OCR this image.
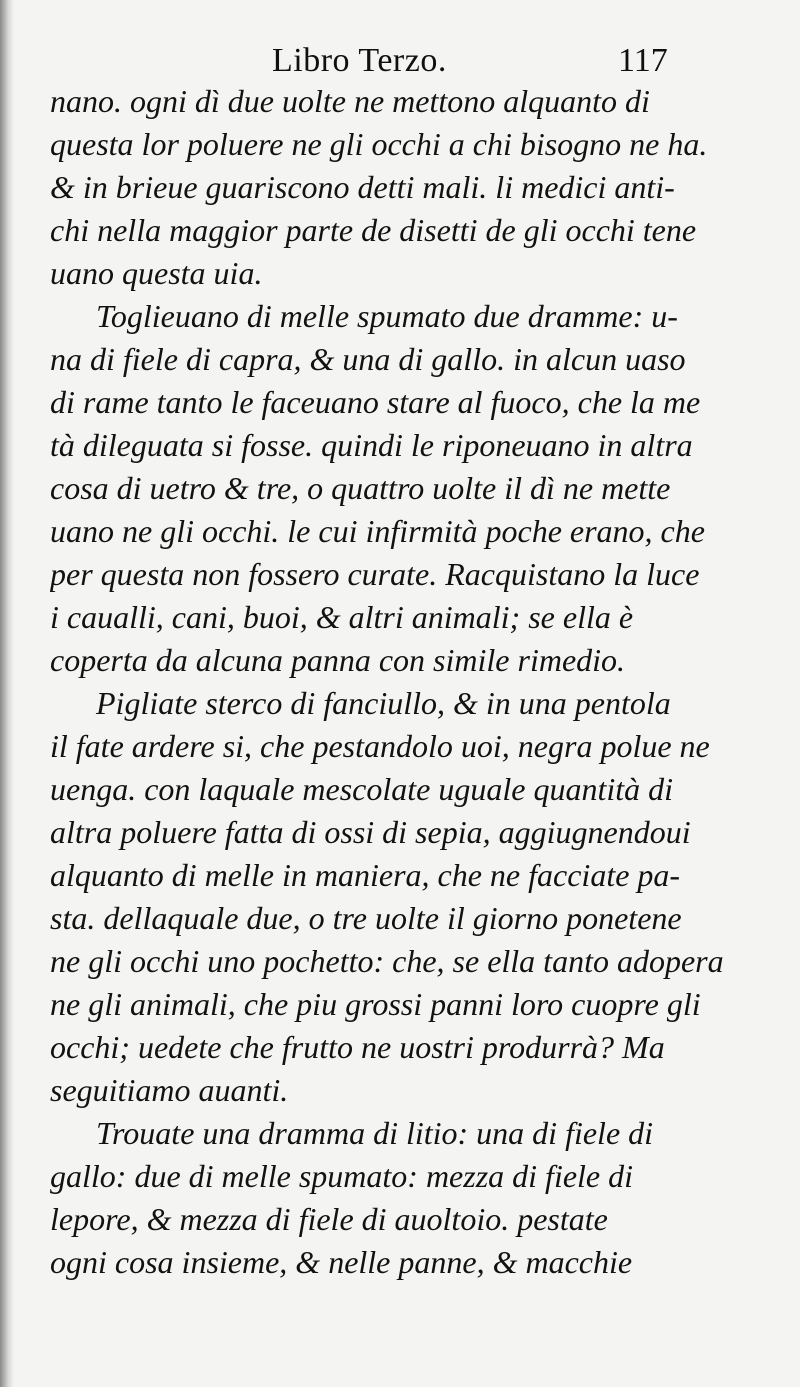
Libro Terzo.	117
nano. ogni dì due uolte ne mettono alquanto di
questa lor poluere ne gli occhi a chi bisogno ne ha.
& in brieue guariscono detti mali. li medici anti-
chi nella maggior parte de disetti de gli occhi tene
uano questa uia.
Toglieuano di melle spumato due dramme: u-
na di fiele di capra, & una di gallo. in alcun uaso
di rame tanto le faceuano stare al fuoco, che la me
tà dileguata si fosse. quindi le riponeuano in altra
cosa di uetro & tre, o quattro uolte il dì ne mette
uano ne gli occhi. le cui infirmità poche erano, che
per questa non fossero curate. Racquistano la luce
i caualli, cani, buoi, & altri animali; se ella è
coperta da alcuna panna con simile rimedio.
Pigliate sterco di fanciullo, & in una pentola
il fate ardere si, che pestandolo uoi, negra polue ne
uenga. con laquale mescolate uguale quantità di
altra poluere fatta di ossi di sepia, aggiugnendoui
alquanto di melle in maniera, che ne facciate pa-
sta. dellaquale due, o tre uolte il giorno ponetene
ne gli occhi uno pochetto: che, se ella tanto adopera
ne gli animali, che piu grossi panni loro cuopre gli
occhi; uedete che frutto ne uostri produrrà? Ma
seguitiamo auanti.
Trouate una dramma di litio: una di fiele di
gallo: due di melle spumato: mezza di fiele di
lepore, & mezza di fiele di auoltoio. pestate
ogni cosa insieme, & nelle panne, & macchie
